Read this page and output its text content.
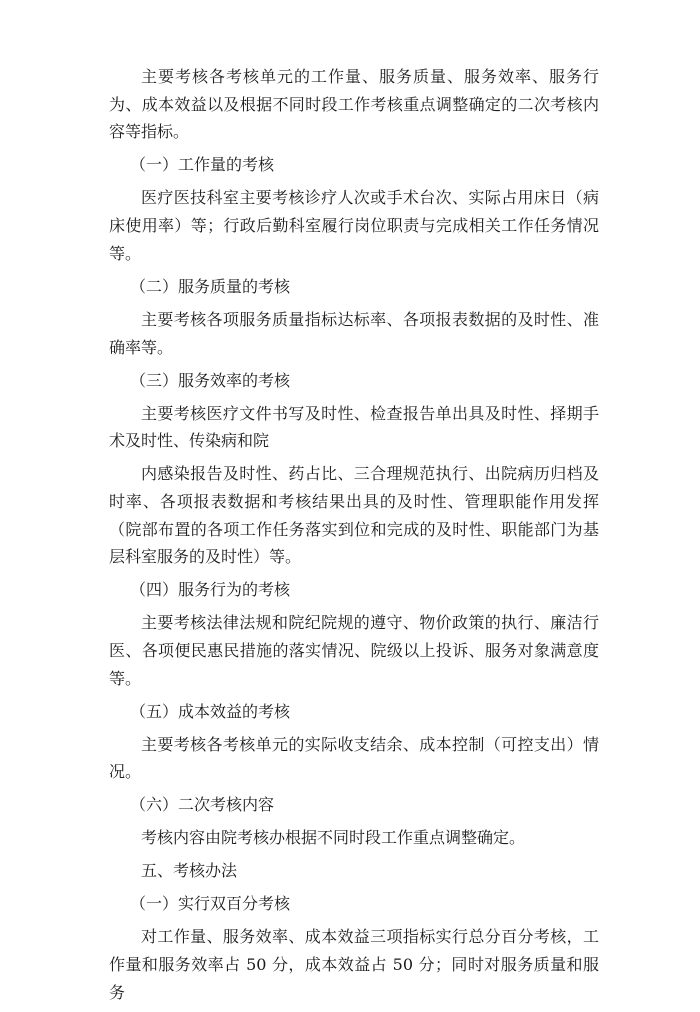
主要考核各考核单元的工作量、服务质量、服务效率、服务行为、成本效益以及根据不同时段工作考核重点调整确定的二次考核内容等指标。

（一）工作量的考核

医疗医技科室主要考核诊疗人次或手术台次、实际占用床日（病床使用率）等；行政后勤科室履行岗位职责与完成相关工作任务情况等。

（二）服务质量的考核

主要考核各项服务质量指标达标率、各项报表数据的及时性、准确率等。

（三）服务效率的考核

主要考核医疗文件书写及时性、检查报告单出具及时性、择期手术及时性、传染病和院

内感染报告及时性、药占比、三合理规范执行、出院病历归档及时率、各项报表数据和考核结果出具的及时性、管理职能作用发挥（院部布置的各项工作任务落实到位和完成的及时性、职能部门为基层科室服务的及时性）等。

（四）服务行为的考核

主要考核法律法规和院纪院规的遵守、物价政策的执行、廉洁行医、各项便民惠民措施的落实情况、院级以上投诉、服务对象满意度等。

（五）成本效益的考核

主要考核各考核单元的实际收支结余、成本控制（可控支出）情况。

（六）二次考核内容

考核内容由院考核办根据不同时段工作重点调整确定。

五、考核办法

（一）实行双百分考核

对工作量、服务效率、成本效益三项指标实行总分百分考核，工作量和服务效率占 50 分，成本效益占 50 分；同时对服务质量和服务
